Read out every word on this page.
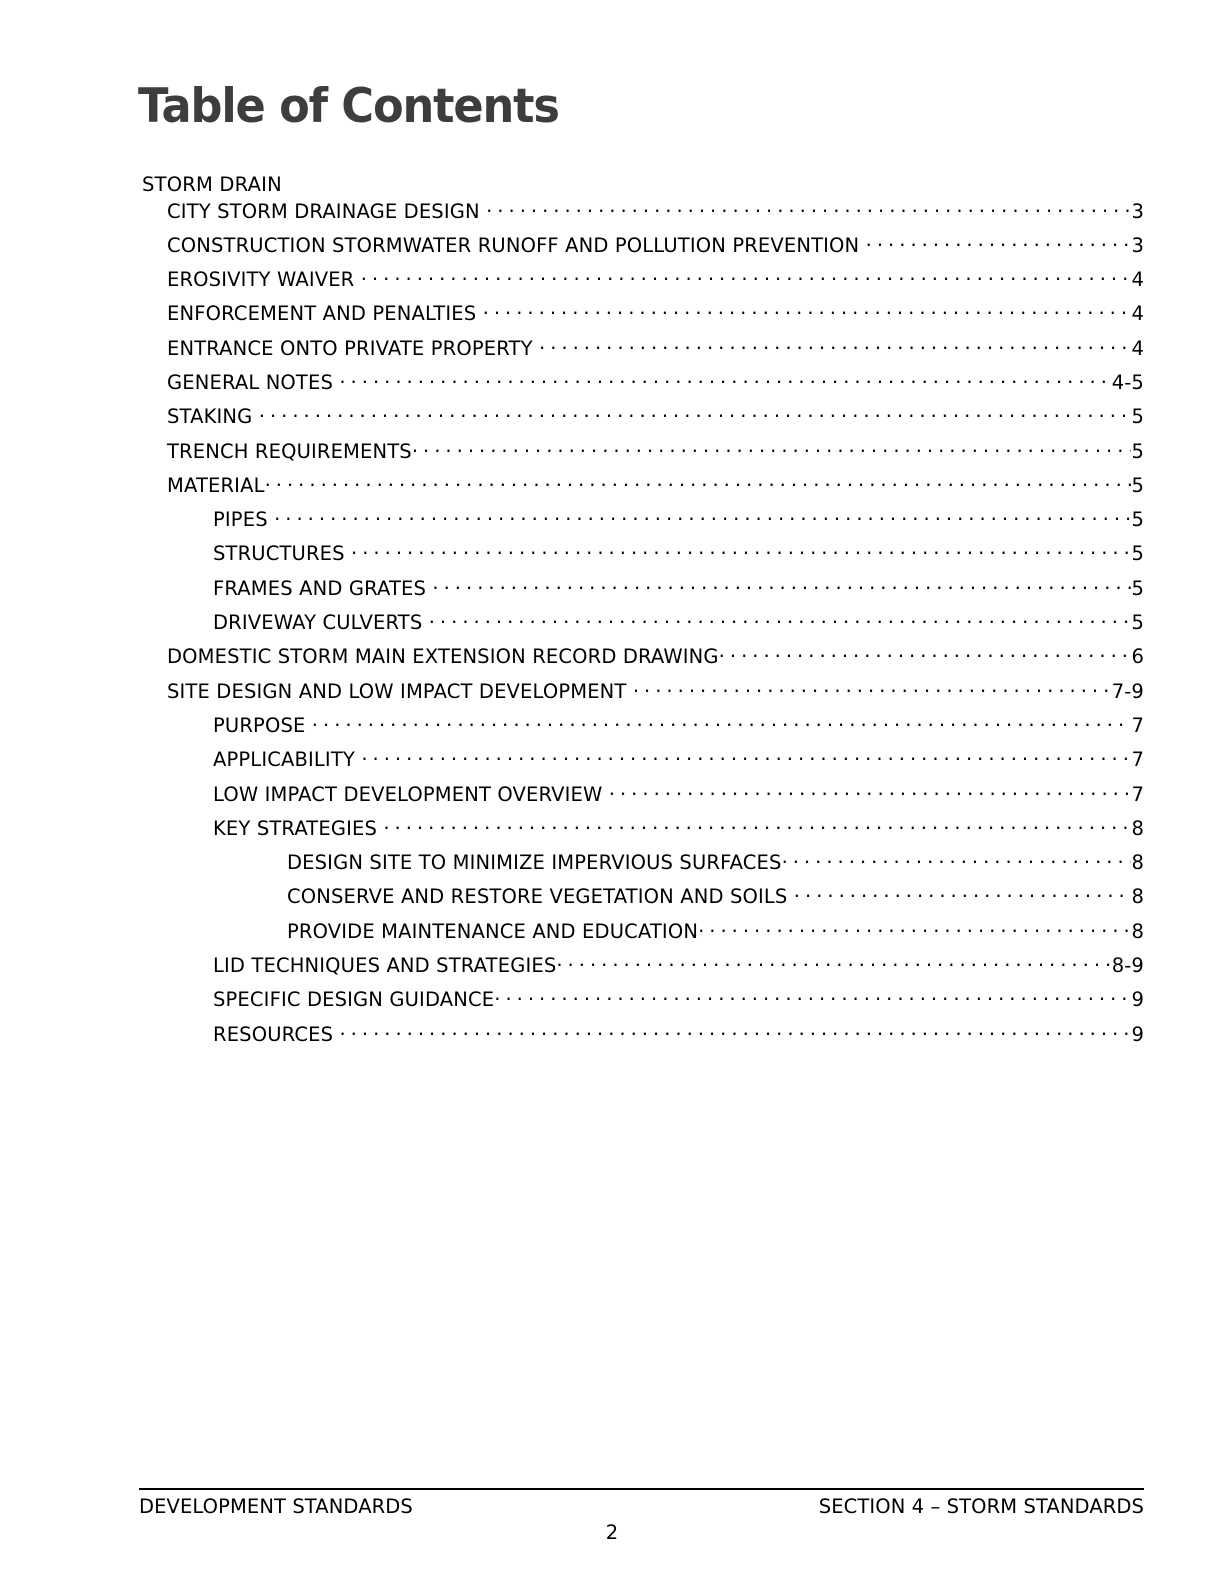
Table of Contents
STORM DRAIN
CITY STORM DRAINAGE DESIGN . . .	3
CONSTRUCTION STORMWATER RUNOFF AND POLLUTION PREVENTION . . .	3
EROSIVITY WAIVER . . .	4
ENFORCEMENT AND PENALTIES . . .	4
ENTRANCE ONTO PRIVATE PROPERTY . . .	4
GENERAL NOTES . . .	4-5
STAKING . . .	5
TRENCH REQUIREMENTS . . .	5
MATERIAL . . .	5
PIPES . . .	5
STRUCTURES . . .	5
FRAMES AND GRATES . . .	5
DRIVEWAY CULVERTS . . .	5
DOMESTIC STORM MAIN EXTENSION RECORD DRAWING . . .	6
SITE DESIGN AND LOW IMPACT DEVELOPMENT . . .	7-9
PURPOSE . . .	7
APPLICABILITY . . .	7
LOW IMPACT DEVELOPMENT OVERVIEW . . .	7
KEY STRATEGIES . . .	8
DESIGN SITE TO MINIMIZE IMPERVIOUS SURFACES . . .	8
CONSERVE AND RESTORE VEGETATION AND SOILS . . .	8
PROVIDE MAINTENANCE AND EDUCATION . . .	8
LID TECHNIQUES AND STRATEGIES . . .	8-9
SPECIFIC DESIGN GUIDANCE . . .	9
RESOURCES . . .	9
DEVELOPMENT STANDARDS	SECTION 4 – STORM STANDARDS
2
